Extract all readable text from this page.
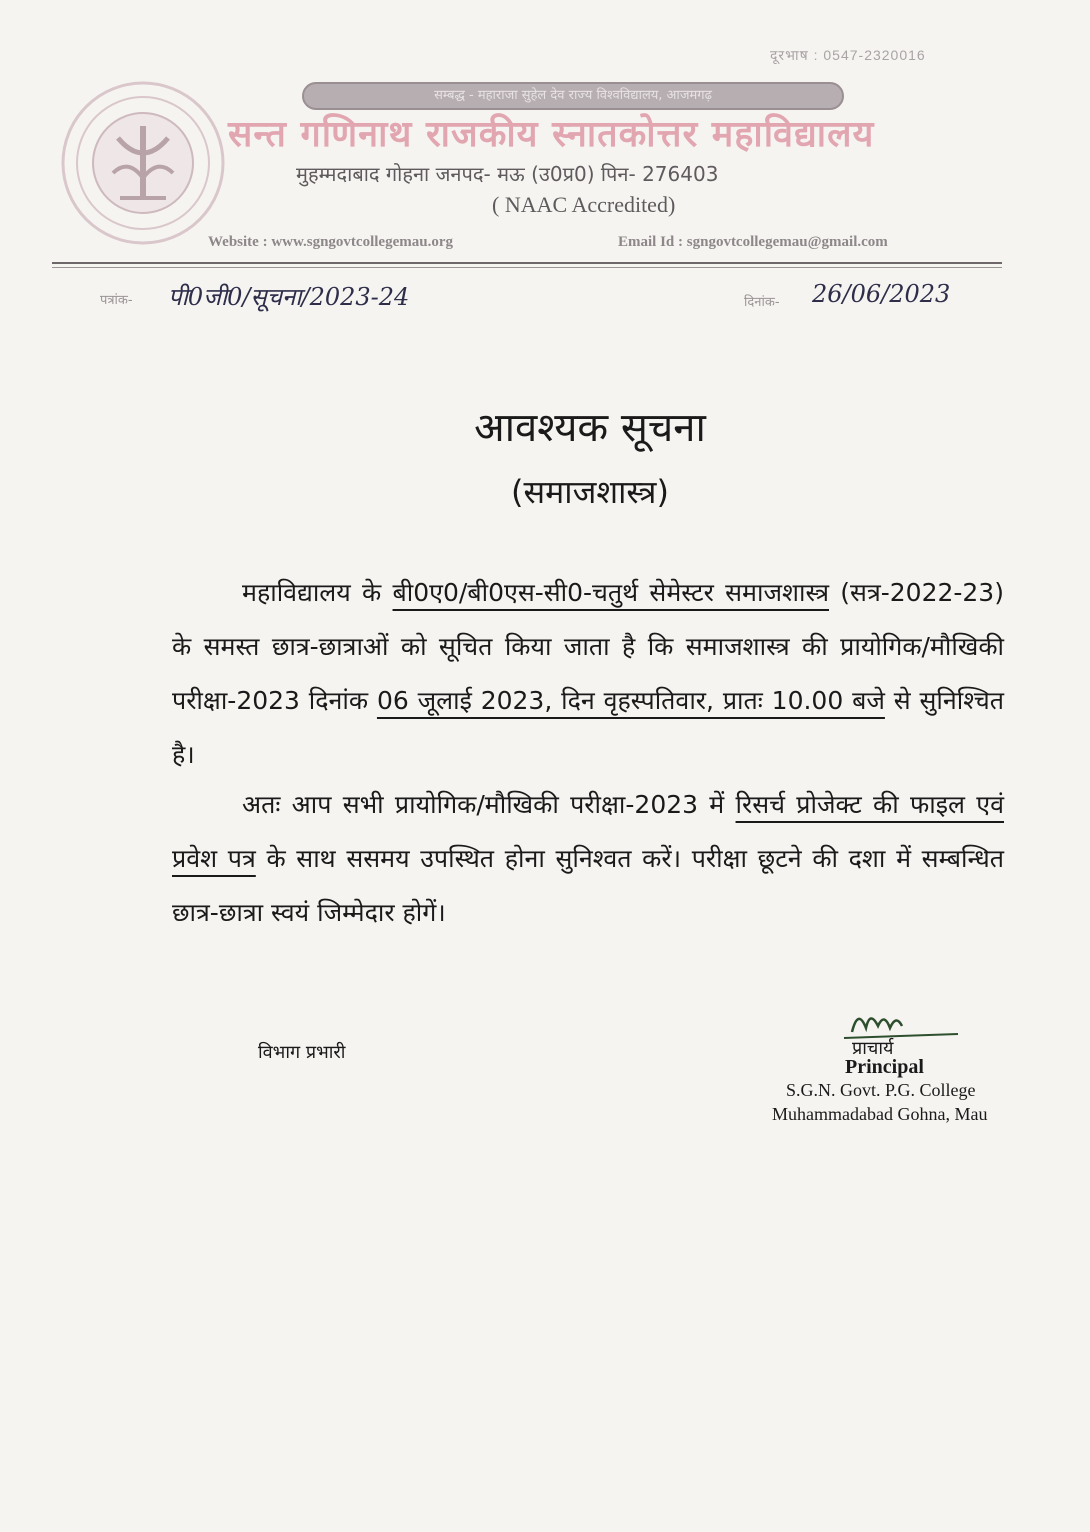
दूरभाष : 0547-2320016
सम्बद्ध - महाराजा सुहेल देव राज्य विश्वविद्यालय, आजमगढ़
सन्त गणिनाथ राजकीय स्नातकोत्तर महाविद्यालय
मुहम्मदाबाद गोहना जनपद- मऊ (उ0प्र0) पिन- 276403
( NAAC Accredited)
Website : www.sgngovtcollegemau.org	Email Id : sgngovtcollegemau@gmail.com
पत्रांक- पी0जी0/सूचना/2023-24	दिनांक- 26/06/2023
आवश्यक सूचना
(समाजशास्त्र)
महाविद्यालय के बी0ए0/बी0एस-सी0-चतुर्थ सेमेस्टर समाजशास्त्र (सत्र-2022-23) के समस्त छात्र-छात्राओं को सूचित किया जाता है कि समाजशास्त्र की प्रायोगिक/मौखिकी परीक्षा-2023 दिनांक 06 जूलाई 2023, दिन वृहस्पतिवार, प्रातः 10.00 बजे से सुनिश्चित है।
अतः आप सभी प्रायोगिक/मौखिकी परीक्षा-2023 में रिसर्च प्रोजेक्ट की फाइल एवं प्रवेश पत्र के साथ ससमय उपस्थित होना सुनिश्वत करें। परीक्षा छूटने की दशा में सम्बन्धित छात्र-छात्रा स्वयं जिम्मेदार होगें।
विभाग प्रभारी	प्राचार्य
Principal
S.G.N. Govt. P.G. College
Muhammadabad Gohna, Mau
